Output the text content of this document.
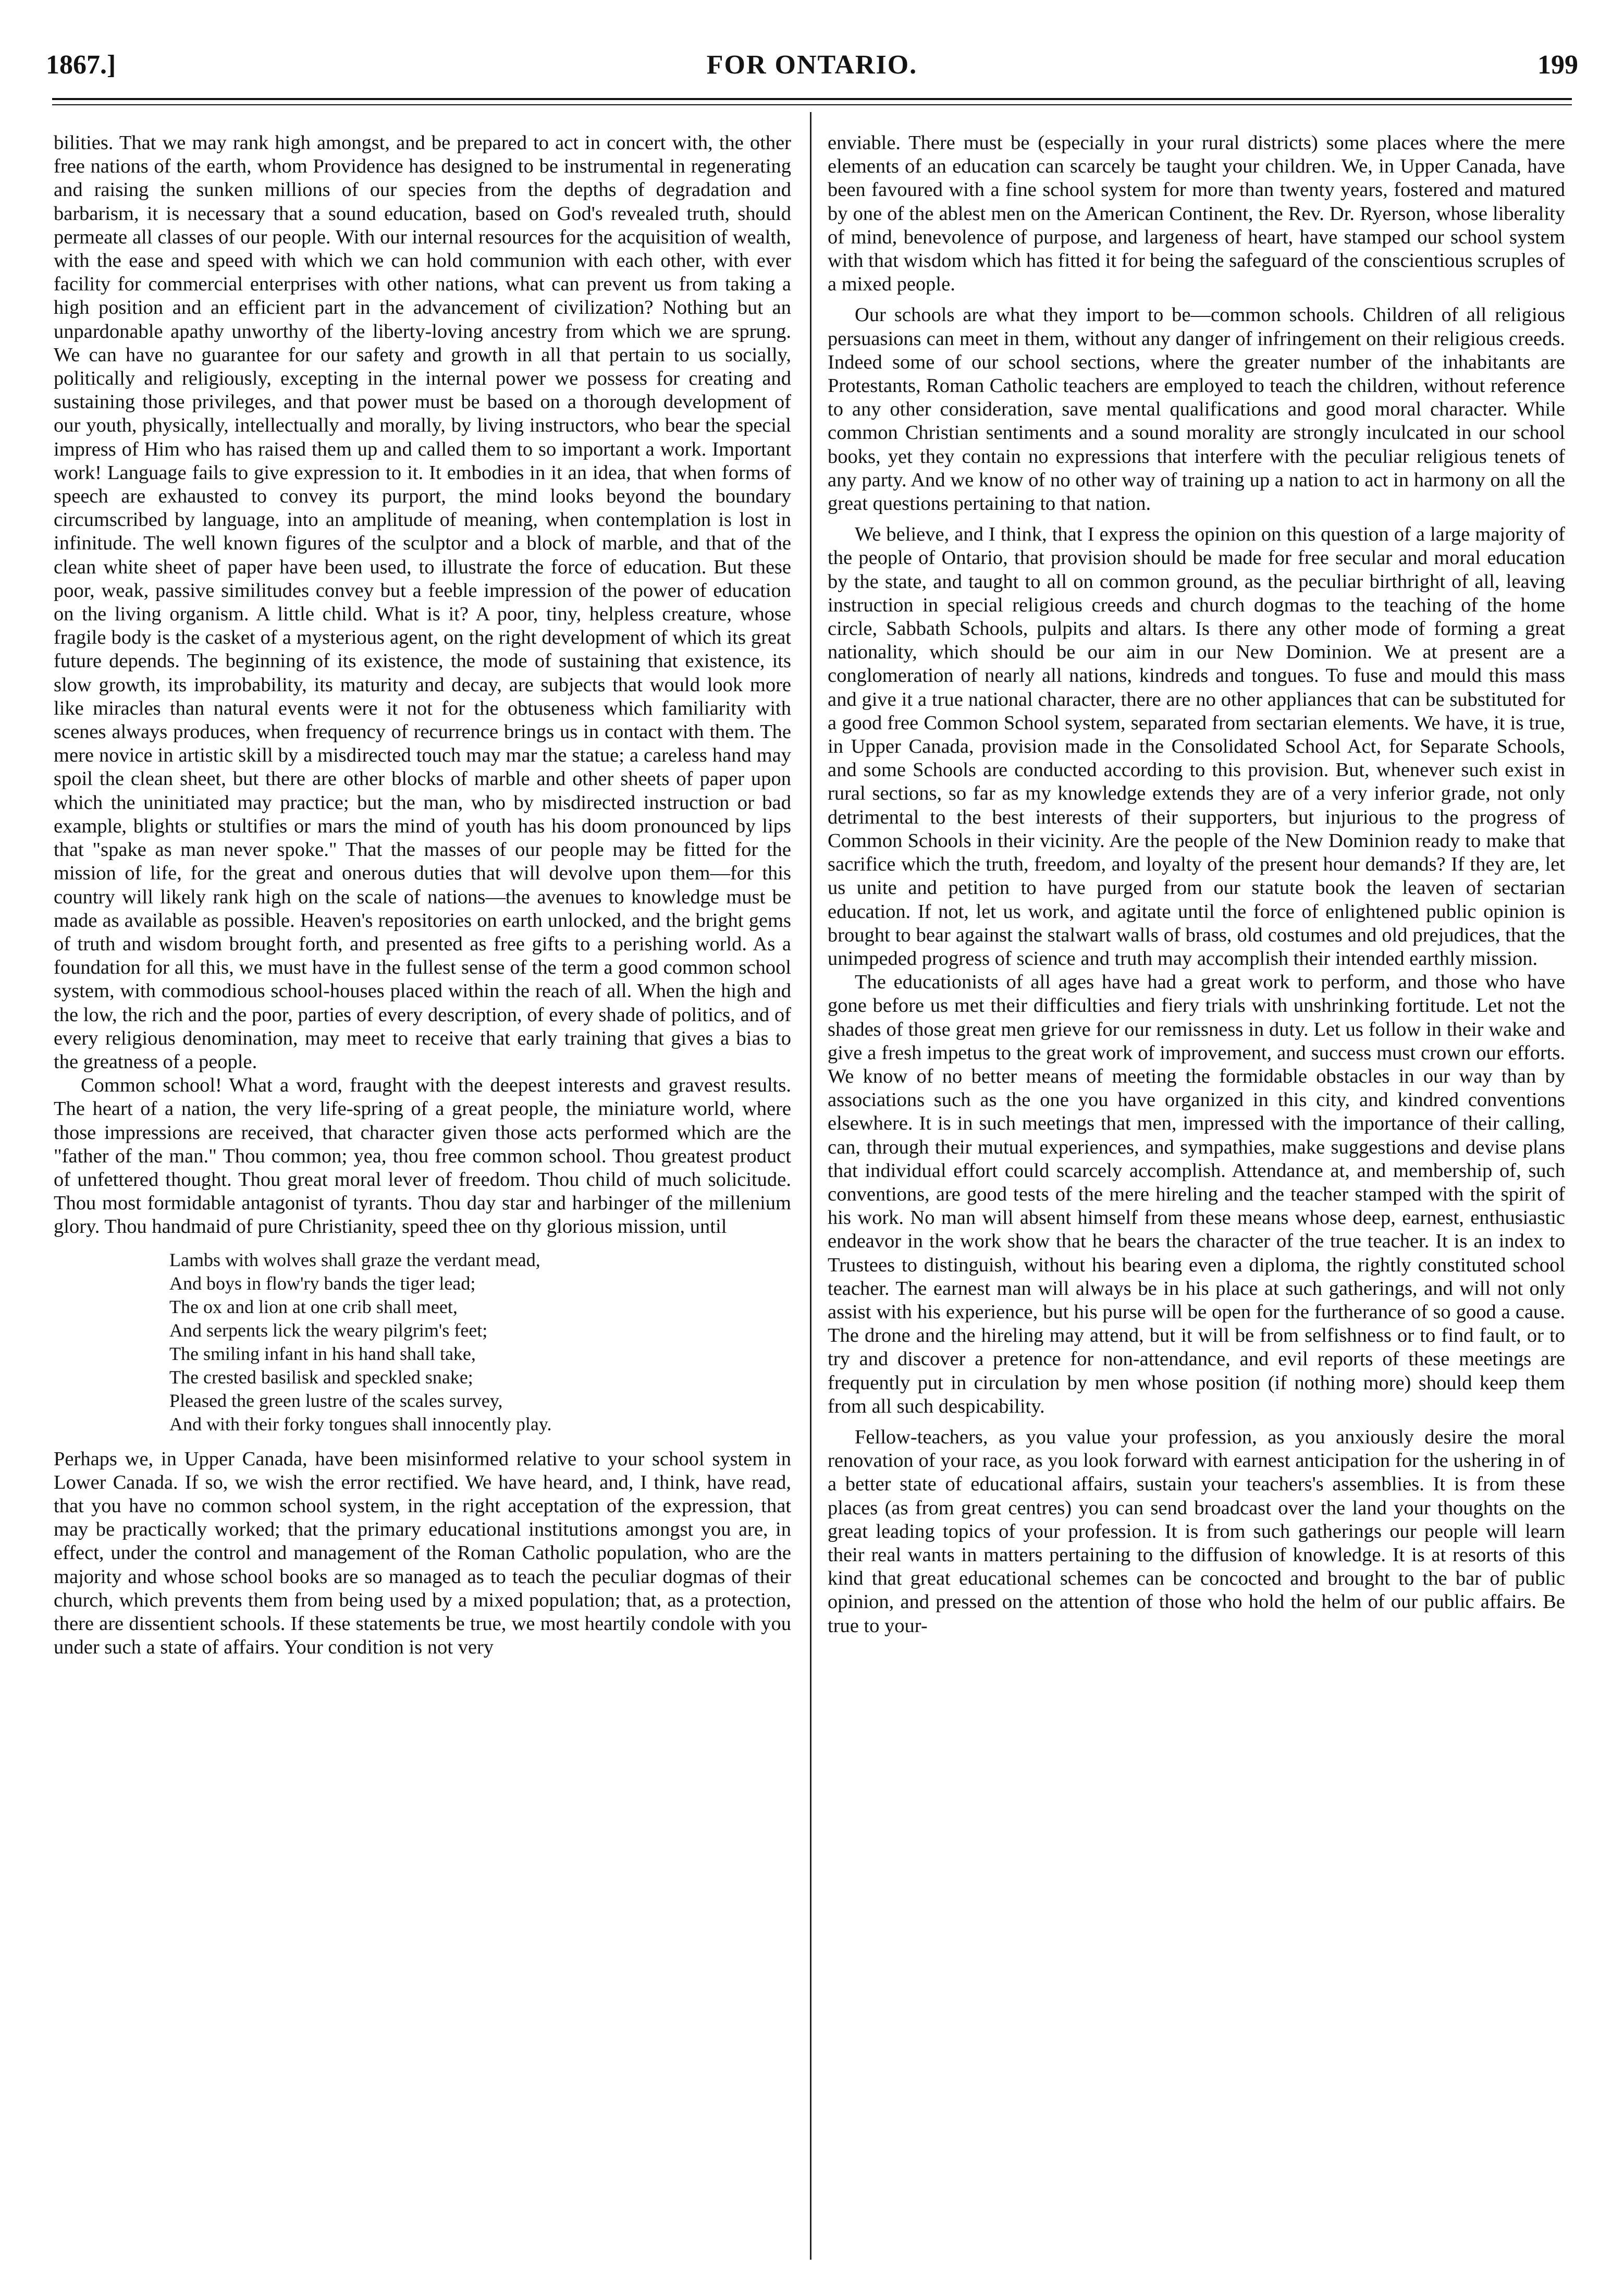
1867.]	FOR ONTARIO.	199

bilities. That we may rank high amongst, and be prepared to act in concert with, the other free nations of the earth, whom Providence has designed to be instrumental in regenerating and raising the sunken millions of our species from the depths of degradation and barbarism, it is necessary that a sound education, based on God's revealed truth, should permeate all classes of our people. With our internal resources for the acquisition of wealth, with the ease and speed with which we can hold communion with each other, with ever facility for commercial enterprises with other nations, what can prevent us from taking a high position and an efficient part in the advancement of civilization? Nothing but an unpardonable apathy unworthy of the liberty-loving ancestry from which we are sprung. We can have no guarantee for our safety and growth in all that pertain to us socially, politically and religiously, excepting in the internal power we possess for creating and sustaining those privileges, and that power must be based on a thorough development of our youth, physically, intellectually and morally, by living instructors, who bear the special impress of Him who has raised them up and called them to so important a work. Important work! Language fails to give expression to it. It embodies in it an idea, that when forms of speech are exhausted to convey its purport, the mind looks beyond the boundary circumscribed by language, into an amplitude of meaning, when contemplation is lost in infinitude. The well known figures of the sculptor and a block of marble, and that of the clean white sheet of paper have been used, to illustrate the force of education. But these poor, weak, passive similitudes convey but a feeble impression of the power of education on the living organism. A little child. What is it? A poor, tiny, helpless creature, whose fragile body is the casket of a mysterious agent, on the right development of which its great future depends. The beginning of its existence, the mode of sustaining that existence, its slow growth, its improbability, its maturity and decay, are subjects that would look more like miracles than natural events were it not for the obtuseness which familiarity with scenes always produces, when frequency of recurrence brings us in contact with them. The mere novice in artistic skill by a misdirected touch may mar the statue; a careless hand may spoil the clean sheet, but there are other blocks of marble and other sheets of paper upon which the uninitiated may practice; but the man, who by misdirected instruction or bad example, blights or stultifies or mars the mind of youth has his doom pronounced by lips that "spake as man never spoke." That the masses of our people may be fitted for the mission of life, for the great and onerous duties that will devolve upon them—for this country will likely rank high on the scale of nations—the avenues to knowledge must be made as available as possible. Heaven's repositories on earth unlocked, and the bright gems of truth and wisdom brought forth, and presented as free gifts to a perishing world. As a foundation for all this, we must have in the fullest sense of the term a good common school system, with commodious school-houses placed within the reach of all. When the high and the low, the rich and the poor, parties of every description, of every shade of politics, and of every religious denomination, may meet to receive that early training that gives a bias to the greatness of a people.

Common school! What a word, fraught with the deepest interests and gravest results. The heart of a nation, the very life-spring of a great people, the miniature world, where those impressions are received, that character given those acts performed which are the "father of the man." Thou common; yea, thou free common school. Thou greatest product of unfettered thought. Thou great moral lever of freedom. Thou child of much solicitude. Thou most formidable antagonist of tyrants. Thou day star and harbinger of the millenium glory. Thou handmaid of pure Christianity, speed thee on thy glorious mission, until

Lambs with wolves shall graze the verdant mead,
And boys in flow'ry bands the tiger lead;
The ox and lion at one crib shall meet,
And serpents lick the weary pilgrim's feet;
The smiling infant in his hand shall take,
The crested basilisk and speckled snake;
Pleased the green lustre of the scales survey,
And with their forky tongues shall innocently play.

Perhaps we, in Upper Canada, have been misinformed relative to your school system in Lower Canada. If so, we wish the error rectified. We have heard, and, I think, have read, that you have no common school system, in the right acceptation of the expression, that may be practically worked; that the primary educational institutions amongst you are, in effect, under the control and management of the Roman Catholic population, who are the majority and whose school books are so managed as to teach the peculiar dogmas of their church, which prevents them from being used by a mixed population; that, as a protection, there are dissentient schools. If these statements be true, we most heartily condole with you under such a state of affairs. Your condition is not very

enviable. There must be (especially in your rural districts) some places where the mere elements of an education can scarcely be taught your children. We, in Upper Canada, have been favoured with a fine school system for more than twenty years, fostered and matured by one of the ablest men on the American Continent, the Rev. Dr. Ryerson, whose liberality of mind, benevolence of purpose, and largeness of heart, have stamped our school system with that wisdom which has fitted it for being the safeguard of the conscientious scruples of a mixed people.

Our schools are what they import to be—common schools. Children of all religious persuasions can meet in them, without any danger of infringement on their religious creeds. Indeed some of our school sections, where the greater number of the inhabitants are Protestants, Roman Catholic teachers are employed to teach the children, without reference to any other consideration, save mental qualifications and good moral character. While common Christian sentiments and a sound morality are strongly inculcated in our school books, yet they contain no expressions that interfere with the peculiar religious tenets of any party. And we know of no other way of training up a nation to act in harmony on all the great questions pertaining to that nation.

We believe, and I think, that I express the opinion on this question of a large majority of the people of Ontario, that provision should be made for free secular and moral education by the state, and taught to all on common ground, as the peculiar birthright of all, leaving instruction in special religious creeds and church dogmas to the teaching of the home circle, Sabbath Schools, pulpits and altars. Is there any other mode of forming a great nationality, which should be our aim in our New Dominion. We at present are a conglomeration of nearly all nations, kindreds and tongues. To fuse and mould this mass and give it a true national character, there are no other appliances that can be substituted for a good free Common School system, separated from sectarian elements. We have, it is true, in Upper Canada, provision made in the Consolidated School Act, for Separate Schools, and some Schools are conducted according to this provision. But, whenever such exist in rural sections, so far as my knowledge extends they are of a very inferior grade, not only detrimental to the best interests of their supporters, but injurious to the progress of Common Schools in their vicinity. Are the people of the New Dominion ready to make that sacrifice which the truth, freedom, and loyalty of the present hour demands? If they are, let us unite and petition to have purged from our statute book the leaven of sectarian education. If not, let us work, and agitate until the force of enlightened public opinion is brought to bear against the stalwart walls of brass, old costumes and old prejudices, that the unimpeded progress of science and truth may accomplish their intended earthly mission.

The educationists of all ages have had a great work to perform, and those who have gone before us met their difficulties and fiery trials with unshrinking fortitude. Let not the shades of those great men grieve for our remissness in duty. Let us follow in their wake and give a fresh impetus to the great work of improvement, and success must crown our efforts. We know of no better means of meeting the formidable obstacles in our way than by associations such as the one you have organized in this city, and kindred conventions elsewhere. It is in such meetings that men, impressed with the importance of their calling, can, through their mutual experiences, and sympathies, make suggestions and devise plans that individual effort could scarcely accomplish. Attendance at, and membership of, such conventions, are good tests of the mere hireling and the teacher stamped with the spirit of his work. No man will absent himself from these means whose deep, earnest, enthusiastic endeavor in the work show that he bears the character of the true teacher. It is an index to Trustees to distinguish, without his bearing even a diploma, the rightly constituted school teacher. The earnest man will always be in his place at such gatherings, and will not only assist with his experience, but his purse will be open for the furtherance of so good a cause. The drone and the hireling may attend, but it will be from selfishness or to find fault, or to try and discover a pretence for non-attendance, and evil reports of these meetings are frequently put in circulation by men whose position (if nothing more) should keep them from all such despicability.

Fellow-teachers, as you value your profession, as you anxiously desire the moral renovation of your race, as you look forward with earnest anticipation for the ushering in of a better state of educational affairs, sustain your teachers's assemblies. It is from these places (as from great centres) you can send broadcast over the land your thoughts on the great leading topics of your profession. It is from such gatherings our people will learn their real wants in matters pertaining to the diffusion of knowledge. It is at resorts of this kind that great educational schemes can be concocted and brought to the bar of public opinion, and pressed on the attention of those who hold the helm of our public affairs. Be true to your-
